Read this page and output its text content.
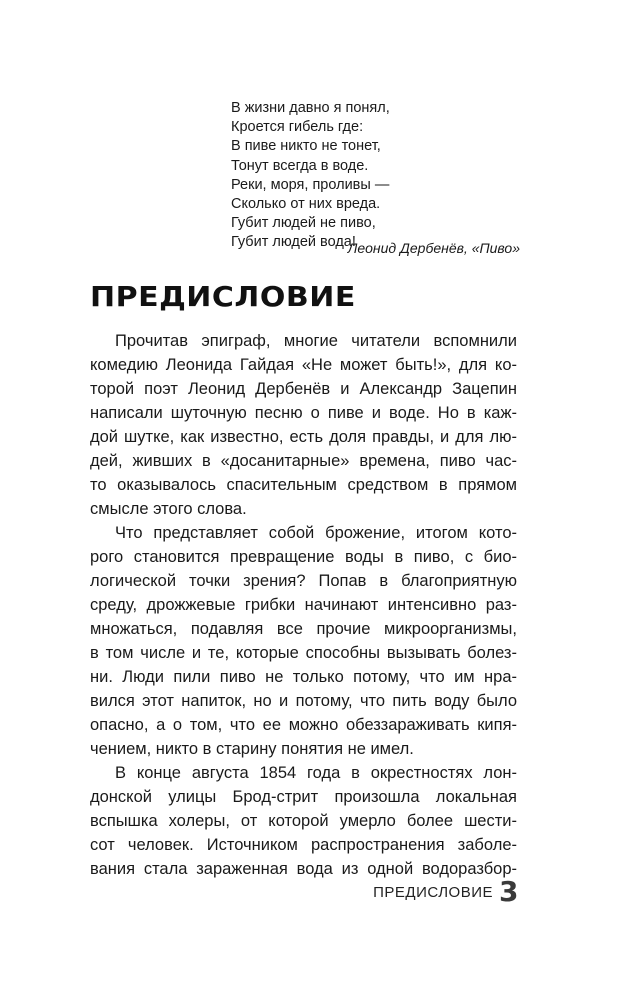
В жизни давно я понял,
Кроется гибель где:
В пиве никто не тонет,
Тонут всегда в воде.
Реки, моря, проливы —
Сколько от них вреда.
Губит людей не пиво,
Губит людей вода!
Леонид Дербенёв, «Пиво»
ПРЕДИСЛОВИЕ
Прочитав эпиграф, многие читатели вспомнили
комедию Леонида Гайдая «Не может быть!», для ко-
торой поэт Леонид Дербенёв и Александр Зацепин
написали шуточную песню о пиве и воде. Но в каж-
дой шутке, как известно, есть доля правды, и для лю-
дей, живших в «досанитарные» времена, пиво час-
то оказывалось спасительным средством в прямом
смысле этого слова.
Что представляет собой брожение, итогом кото-
рого становится превращение воды в пиво, с био-
логической точки зрения? Попав в благоприятную
среду, дрожжевые грибки начинают интенсивно раз-
множаться, подавляя все прочие микроорганизмы,
в том числе и те, которые способны вызывать болез-
ни. Люди пили пиво не только потому, что им нра-
вился этот напиток, но и потому, что пить воду было
опасно, а о том, что ее можно обеззараживать кипя-
чением, никто в старину понятия не имел.
В конце августа 1854 года в окрестностях лон-
донской улицы Брод-стрит произошла локальная
вспышка холеры, от которой умерло более шести-
сот человек. Источником распространения заболе-
вания стала зараженная вода из одной водоразбор-
ПРЕДИСЛОВИЕ 3
